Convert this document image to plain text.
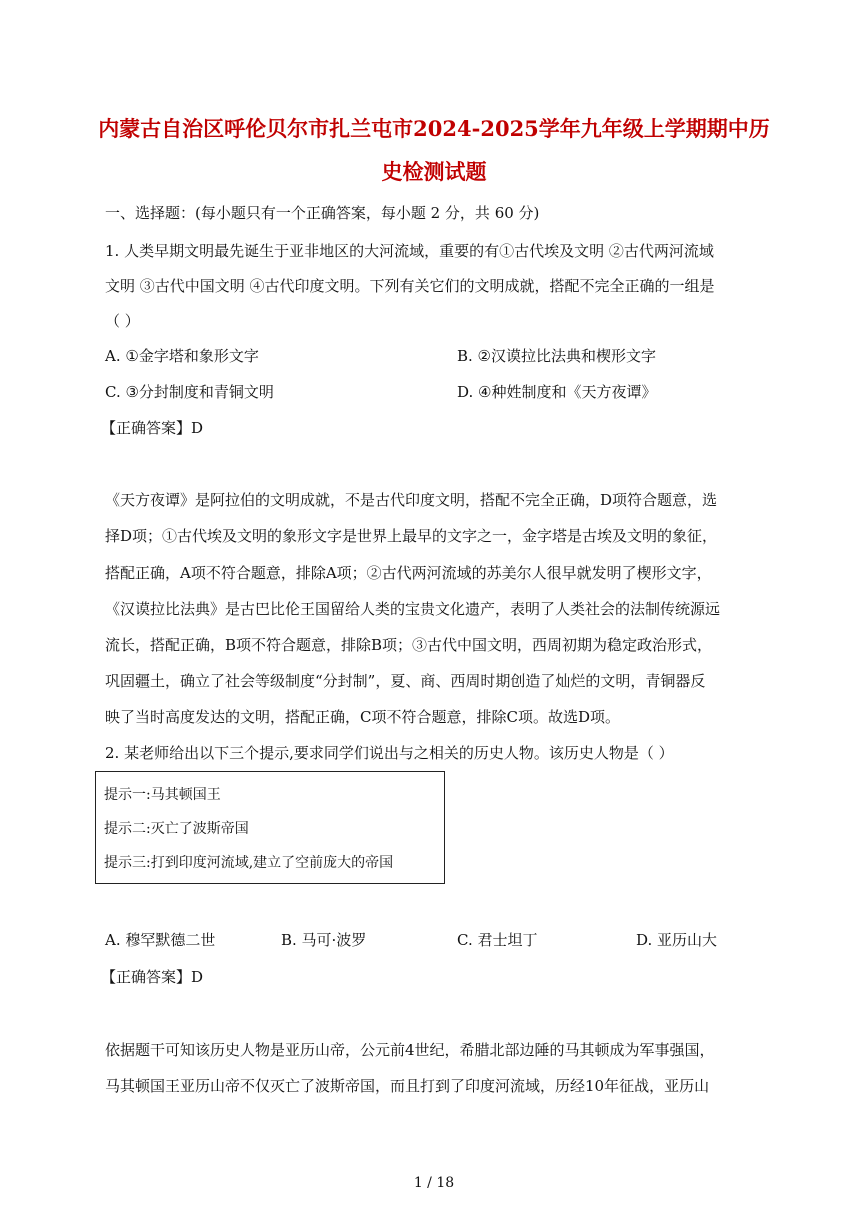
内蒙古自治区呼伦贝尔市扎兰屯市2024-2025学年九年级上学期期中历
史检测试题
一、选择题：(每小题只有一个正确答案，每小题 2 分，共 60 分)
1. 人类早期文明最先诞生于亚非地区的大河流域，重要的有①古代埃及文明 ②古代两河流域
文明 ③古代中国文明 ④古代印度文明。下列有关它们的文明成就，搭配不完全正确的一组是
（ ）
A. ①金字塔和象形文字	B. ②汉谟拉比法典和楔形文字
C. ③分封制度和青铜文明	D. ④种姓制度和《天方夜谭》
【正确答案】D
《天方夜谭》是阿拉伯的文明成就，不是古代印度文明，搭配不完全正确，D项符合题意，选
择D项；①古代埃及文明的象形文字是世界上最早的文字之一，金字塔是古埃及文明的象征，
搭配正确，A项不符合题意，排除A项；②古代两河流域的苏美尔人很早就发明了楔形文字，
《汉谟拉比法典》是古巴比伦王国留给人类的宝贵文化遗产，表明了人类社会的法制传统源远
流长，搭配正确，B项不符合题意，排除B项；③古代中国文明，西周初期为稳定政治形式，
巩固疆土，确立了社会等级制度“分封制”，夏、商、西周时期创造了灿烂的文明，青铜器反
映了当时高度发达的文明，搭配正确，C项不符合题意，排除C项。故选D项。
2. 某老师给出以下三个提示,要求同学们说出与之相关的历史人物。该历史人物是（ ）
提示一:马其顿国王
提示二:灭亡了波斯帝国
提示三:打到印度河流域,建立了空前庞大的帝国
A. 穆罕默德二世	B. 马可·波罗	C. 君士坦丁	D. 亚历山大
【正确答案】D
依据题干可知该历史人物是亚历山帝，公元前4世纪，希腊北部边陲的马其顿成为军事强国，
马其顿国王亚历山帝不仅灭亡了波斯帝国，而且打到了印度河流域，历经10年征战，亚历山
1 / 18
